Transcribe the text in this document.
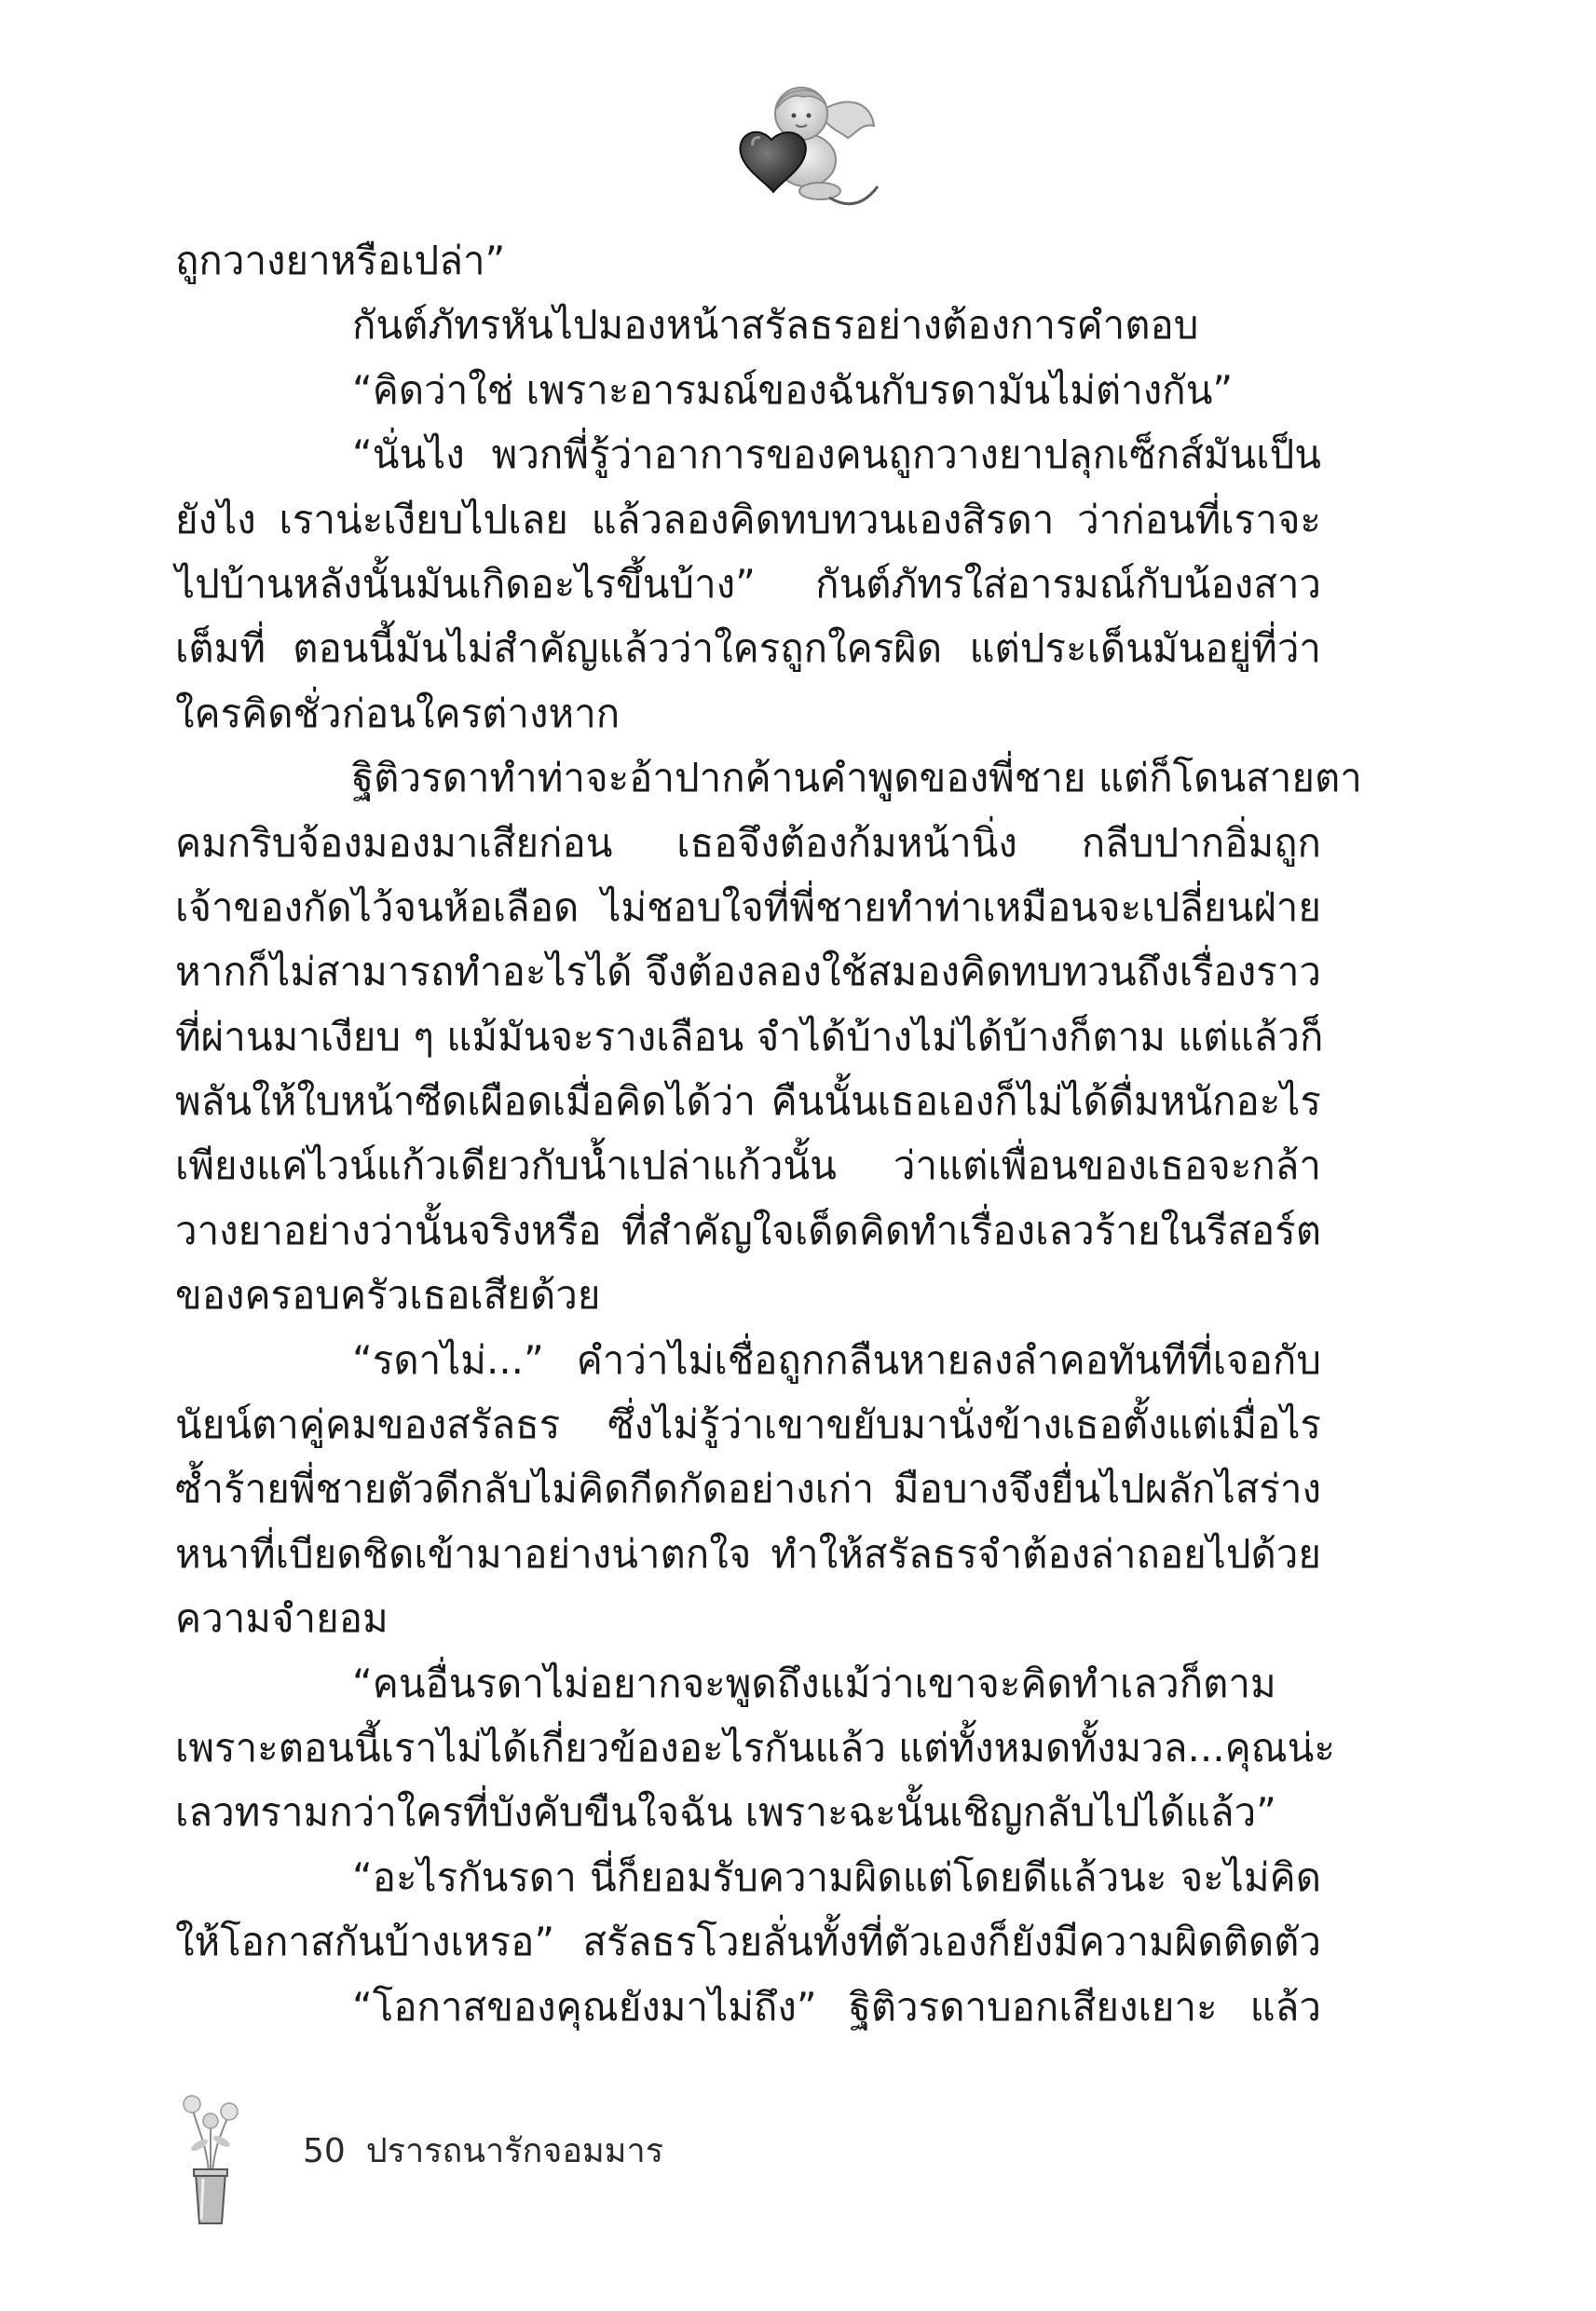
ถูกวางยาหรือเปล่า”
กันต์ภัทรหันไปมองหน้าสรัลธรอย่างต้องการคำตอบ
“คิดว่าใช่ เพราะอารมณ์ของฉันกับรดามันไม่ต่างกัน”
“นั่นไง พวกพี่รู้ว่าอาการของคนถูกวางยาปลุกเซ็กส์มันเป็น
ยังไง เราน่ะเงียบไปเลย แล้วลองคิดทบทวนเองสิรดา ว่าก่อนที่เราจะ
ไปบ้านหลังนั้นมันเกิดอะไรขึ้นบ้าง” กันต์ภัทรใส่อารมณ์กับน้องสาว
เต็มที่ ตอนนี้มันไม่สำคัญแล้วว่าใครถูกใครผิด แต่ประเด็นมันอยู่ที่ว่า
ใครคิดชั่วก่อนใครต่างหาก
ฐิติวรดาทำท่าจะอ้าปากค้านคำพูดของพี่ชาย แต่ก็โดนสายตา
คมกริบจ้องมองมาเสียก่อน เธอจึงต้องก้มหน้านิ่ง กลีบปากอิ่มถูก
เจ้าของกัดไว้จนห้อเลือด ไม่ชอบใจที่พี่ชายทำท่าเหมือนจะเปลี่ยนฝ่าย
หากก็ไม่สามารถทำอะไรได้ จึงต้องลองใช้สมองคิดทบทวนถึงเรื่องราว
ที่ผ่านมาเงียบ ๆ แม้มันจะรางเลือน จำได้บ้างไม่ได้บ้างก็ตาม แต่แล้วก็
พลันให้ใบหน้าซีดเผือดเมื่อคิดได้ว่า คืนนั้นเธอเองก็ไม่ได้ดื่มหนักอะไร
เพียงแค่ไวน์แก้วเดียวกับน้ำเปล่าแก้วนั้น ว่าแต่เพื่อนของเธอจะกล้า
วางยาอย่างว่านั้นจริงหรือ ที่สำคัญใจเด็ดคิดทำเรื่องเลวร้ายในรีสอร์ต
ของครอบครัวเธอเสียด้วย
“รดาไม่...” คำว่าไม่เชื่อถูกกลืนหายลงลำคอทันทีที่เจอกับ
นัยน์ตาคู่คมของสรัลธร ซึ่งไม่รู้ว่าเขาขยับมานั่งข้างเธอตั้งแต่เมื่อไร
ซ้ำร้ายพี่ชายตัวดีกลับไม่คิดกีดกัดอย่างเก่า มือบางจึงยื่นไปผลักไสร่าง
หนาที่เบียดชิดเข้ามาอย่างน่าตกใจ ทำให้สรัลธรจำต้องล่าถอยไปด้วย
ความจำยอม
“คนอื่นรดาไม่อยากจะพูดถึงแม้ว่าเขาจะคิดทำเลวก็ตาม
เพราะตอนนี้เราไม่ได้เกี่ยวข้องอะไรกันแล้ว แต่ทั้งหมดทั้งมวล...คุณน่ะ
เลวทรามกว่าใครที่บังคับขืนใจฉัน เพราะฉะนั้นเชิญกลับไปได้แล้ว”
“อะไรกันรดา นี่ก็ยอมรับความผิดแต่โดยดีแล้วนะ จะไม่คิด
ให้โอกาสกันบ้างเหรอ” สรัลธรโวยลั่นทั้งที่ตัวเองก็ยังมีความผิดติดตัว
“โอกาสของคุณยังมาไม่ถึง” ฐิติวรดาบอกเสียงเยาะ แล้ว
50 ปรารถนารักจอมมาร
